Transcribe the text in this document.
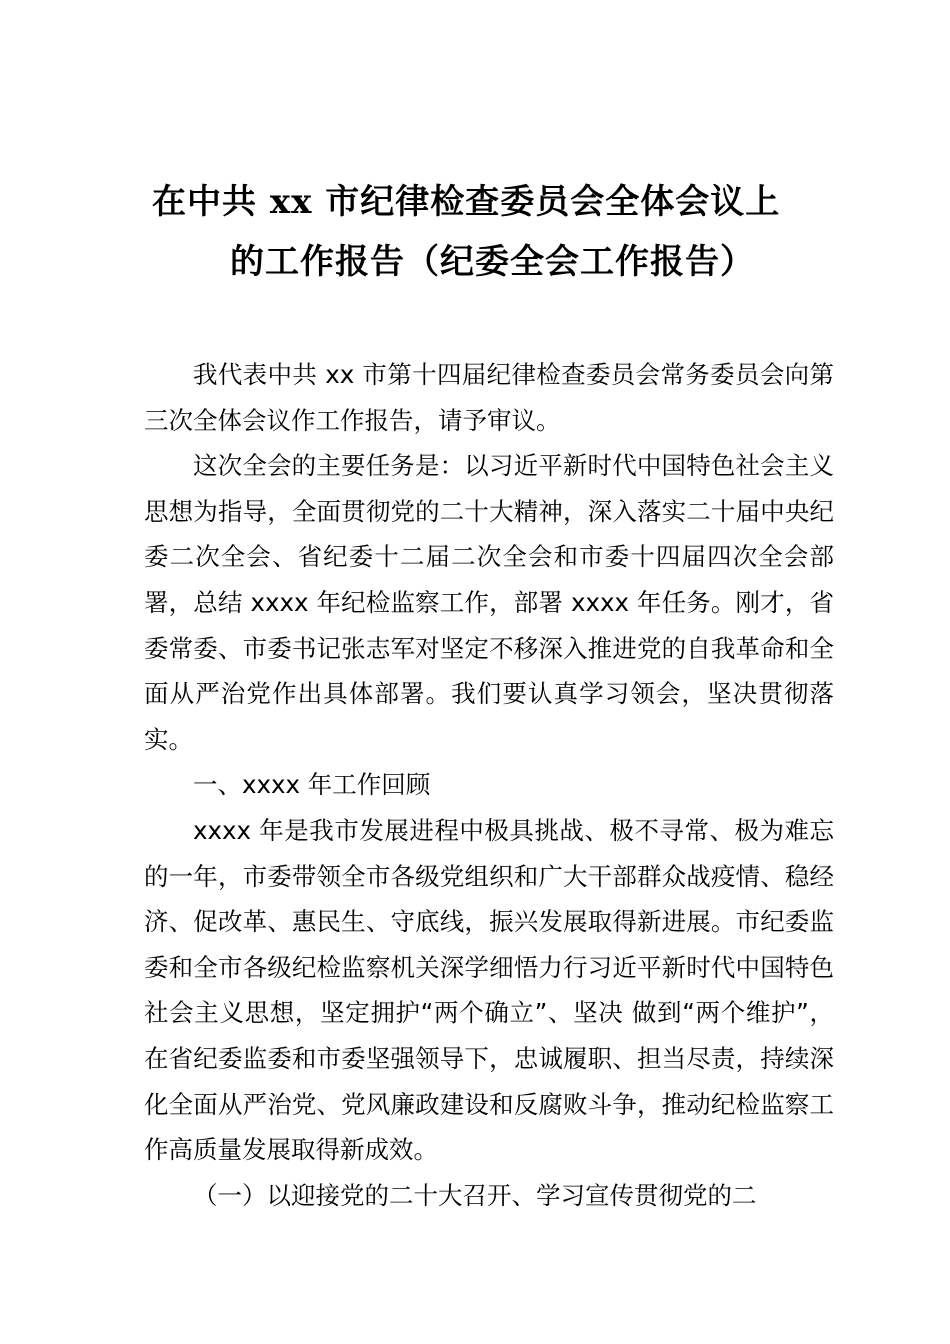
在中共 xx 市纪律检查委员会全体会议上
的工作报告（纪委全会工作报告）

我代表中共 xx 市第十四届纪律检查委员会常务委员会向第三次全体会议作工作报告，请予审议。

这次全会的主要任务是：以习近平新时代中国特色社会主义思想为指导，全面贯彻党的二十大精神，深入落实二十届中央纪委二次全会、省纪委十二届二次全会和市委十四届四次全会部署，总结 xxxx 年纪检监察工作，部署 xxxx 年任务。刚才，省委常委、市委书记张志军对坚定不移深入推进党的自我革命和全面从严治党作出具体部署。我们要认真学习领会，坚决贯彻落实。

一、xxxx 年工作回顾

xxxx 年是我市发展进程中极具挑战、极不寻常、极为难忘的一年，市委带领全市各级党组织和广大干部群众战疫情、稳经济、促改革、惠民生、守底线，振兴发展取得新进展。市纪委监委和全市各级纪检监察机关深学细悟力行习近平新时代中国特色社会主义思想，坚定拥护“两个确立”、坚决 做到“两个维护”，在省纪委监委和市委坚强领导下，忠诚履职、担当尽责，持续深化全面从严治党、党风廉政建设和反腐败斗争，推动纪检监察工作高质量发展取得新成效。

（一）以迎接党的二十大召开、学习宣传贯彻党的二
